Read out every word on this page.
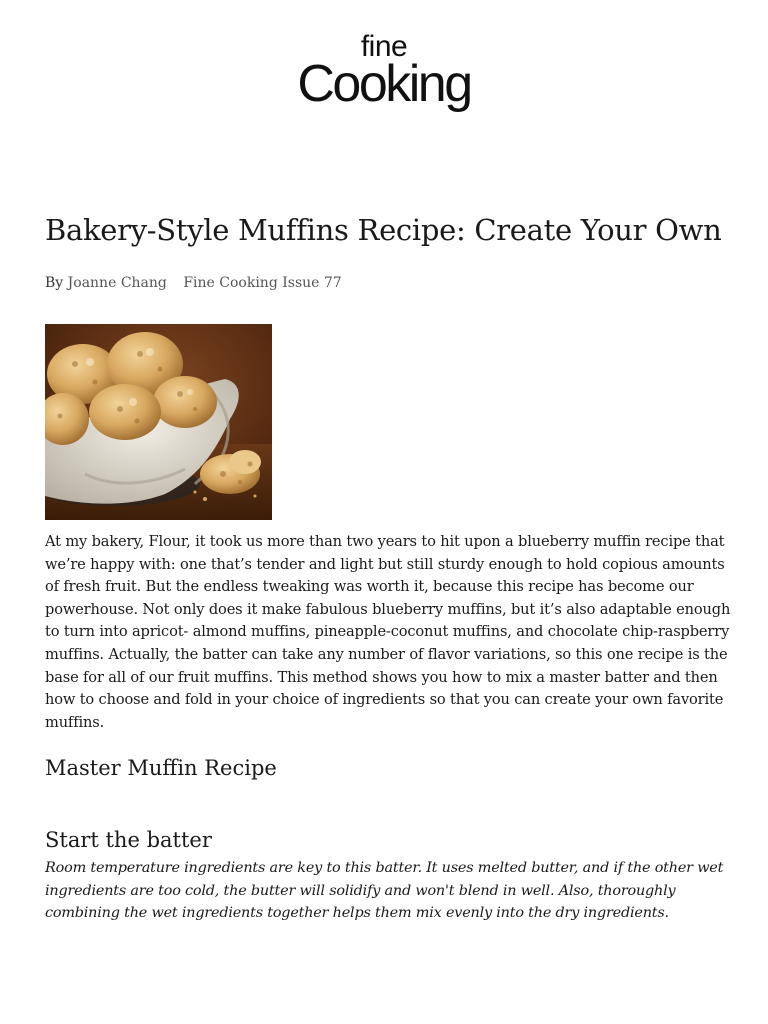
fine
Cooking
Bakery-Style Muffins Recipe: Create Your Own
By Joanne Chang Fine Cooking Issue 77

At my bakery, Flour, it took us more than two years to hit upon a blueberry muffin recipe that we’re happy with: one that’s tender and light but still sturdy enough to hold copious amounts of fresh fruit. But the endless tweaking was worth it, because this recipe has become our powerhouse. Not only does it make fabulous blueberry muffins, but it’s also adaptable enough to turn into apricot- almond muffins, pineapple-coconut muffins, and chocolate chip-raspberry muffins. Actually, the batter can take any number of flavor variations, so this one recipe is the base for all of our fruit muffins. This method shows you how to mix a master batter and then how to choose and fold in your choice of ingredients so that you can create your own favorite muffins.

Master Muffin Recipe
Start the batter

Room temperature ingredients are key to this batter. It uses melted butter, and if the other wet ingredients are too cold, the butter will solidify and won't blend in well. Also, thoroughly combining the wet ingredients together helps them mix evenly into the dry ingredients.
